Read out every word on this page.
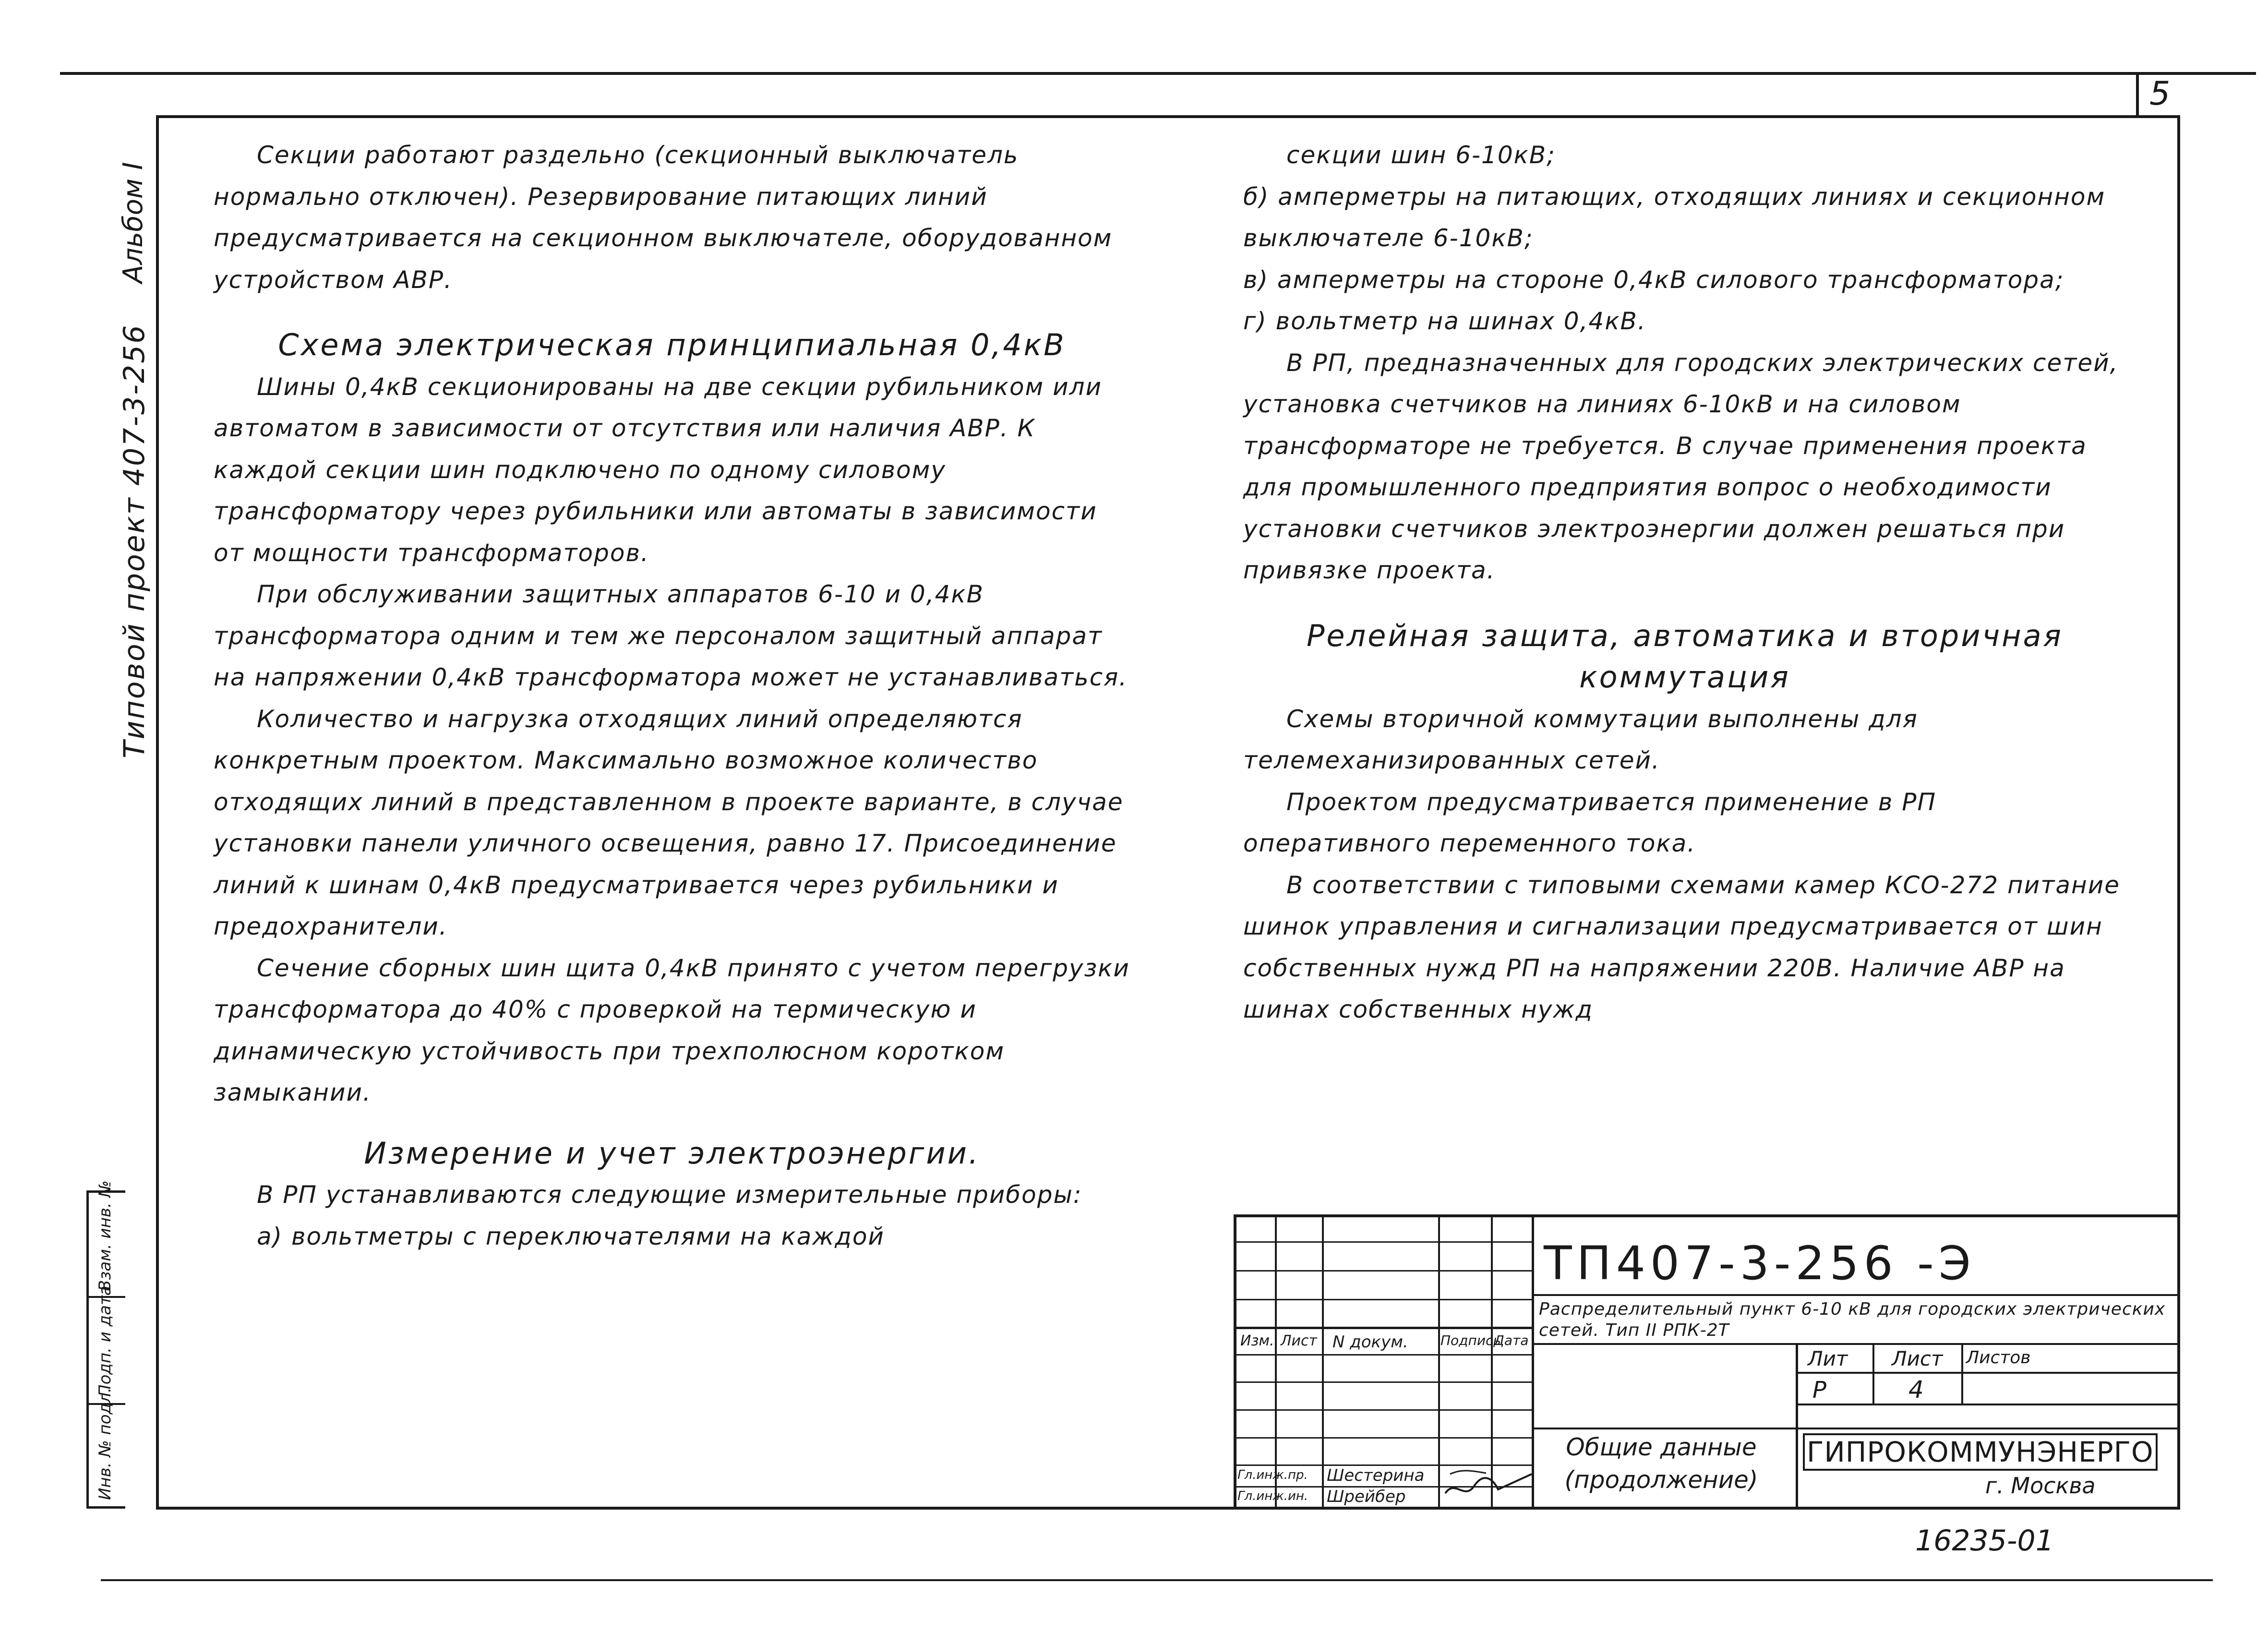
5
Альбом I
Типовой проект 407-3-256
Взам. инв. №
Подп. и дата
Инв. № подл.

Секции работают раздельно (секционный выключатель нормально отключен). Резервирование питающих линий предусматривается на секционном выключателе, оборудованном устройством АВР.

Схема электрическая принципиальная 0,4кВ

Шины 0,4кВ секционированы на две секции рубильником или автоматом в зависимости от отсутствия или наличия АВР. К каждой секции шин подключено по одному силовому трансформатору через рубильники или автоматы в зависимости от мощности трансформаторов.

При обслуживании защитных аппаратов 6-10 и 0,4кВ трансформатора одним и тем же персоналом защитный аппарат на напряжении 0,4кВ трансформатора может не устанавливаться.

Количество и нагрузка отходящих линий определяются конкретным проектом. Максимально возможное количество отходящих линий в представленном в проекте варианте, в случае установки панели уличного освещения, равно 17. Присоединение линий к шинам 0,4кВ предусматривается через рубильники и предохранители.

Сечение сборных шин щита 0,4кВ принято с учетом перегрузки трансформатора до 40% с проверкой на термическую и динамическую устойчивость при трехполюсном коротком замыкании.

Измерение и учет электроэнергии.

В РП устанавливаются следующие измерительные приборы:

а) вольтметры с переключателями на каждой

секции шин 6-10кВ;

б) амперметры на питающих, отходящих линиях и секционном выключателе 6-10кВ;

в) амперметры на стороне 0,4кВ силового трансформатора;

г) вольтметр на шинах 0,4кВ.

В РП, предназначенных для городских электрических сетей, установка счетчиков на линиях 6-10кВ и на силовом трансформаторе не требуется. В случае применения проекта для промышленного предприятия вопрос о необходимости установки счетчиков электроэнергии должен решаться при привязке проекта.

Релейная защита, автоматика и вторичная коммутация

Схемы вторичной коммутации выполнены для телемеханизированных сетей.

Проектом предусматривается применение в РП оперативного переменного тока.

В соответствии с типовыми схемами камер КСО-272 питание шинок управления и сигнализации предусматривается от шин собственных нужд РП на напряжении 220В. Наличие АВР на шинах собственных нужд

Изм. Лист N докум. Подпись
Дата
Гл.инж.пр. Шестерина
Гл.инж.ин. Шрейбер
ТП407-3-256 -Э
Распределительный пункт 6-10 кВ для городских электрических сетей. Тип II РПК-2Т
Лит Лист Листов
Р	4
Общие данные (продолжение)
ГИПРОКОММУНЭНЕРГО
г. Москва
16235-01
